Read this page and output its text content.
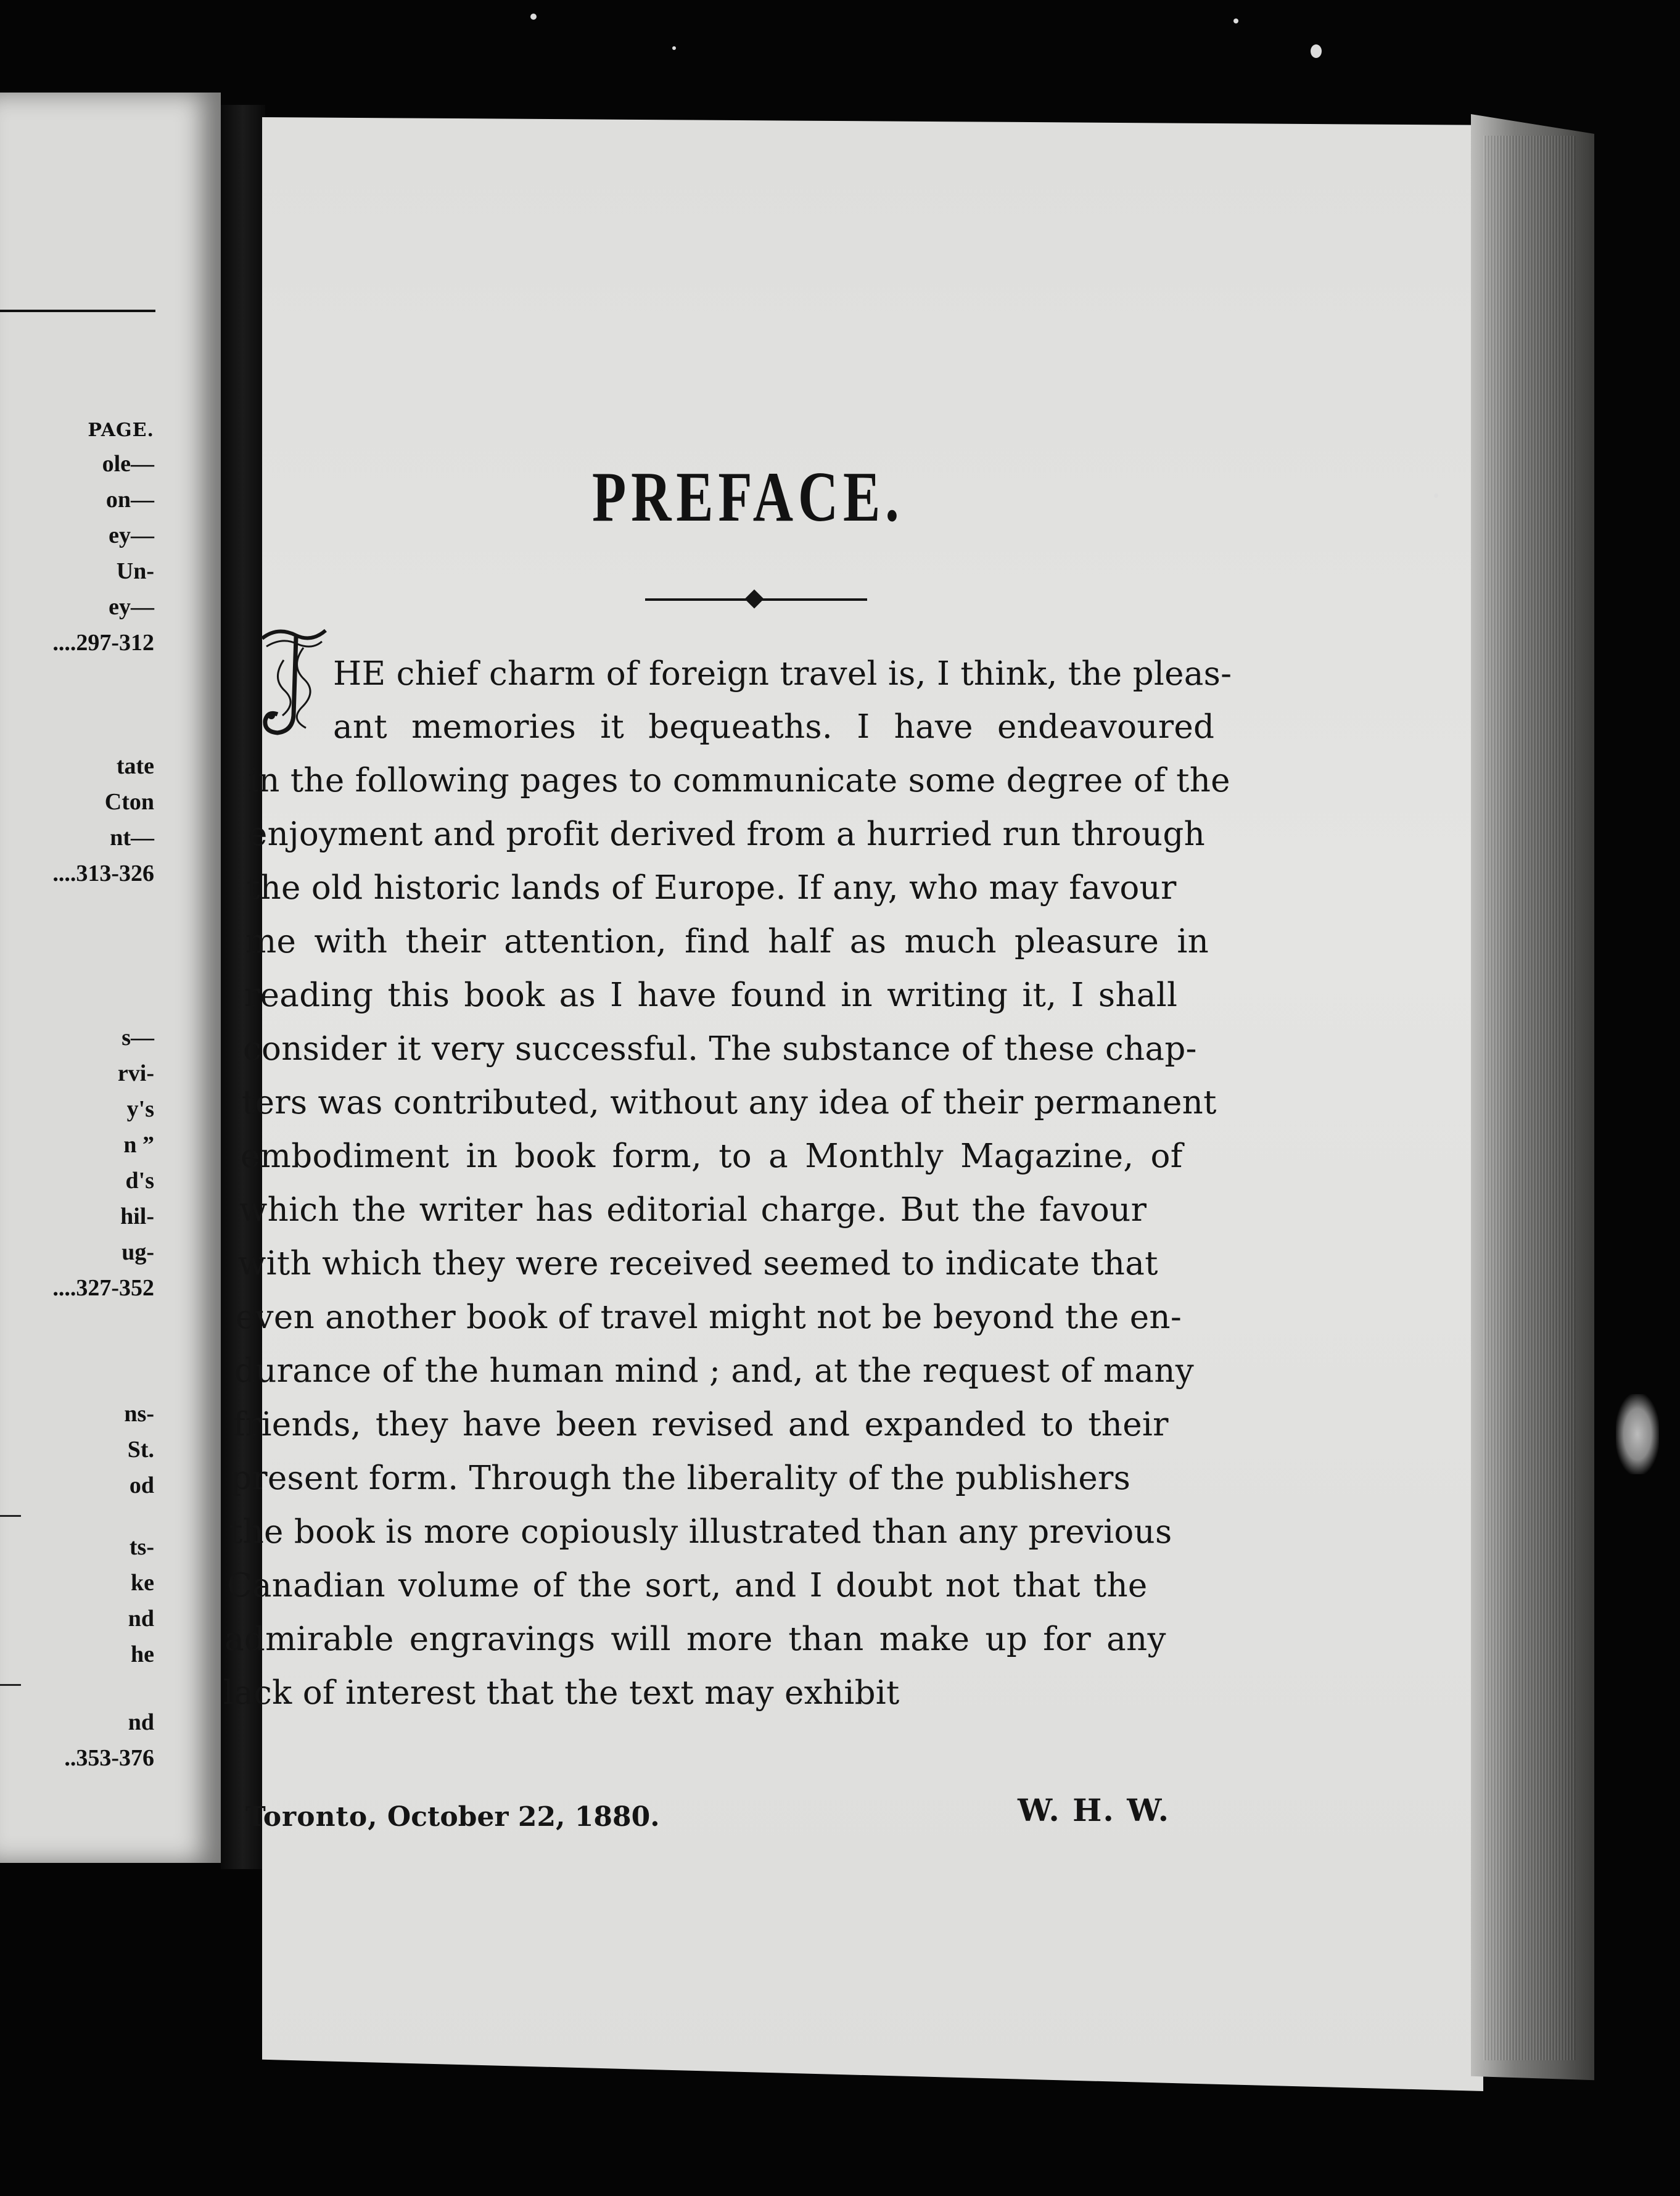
PAGE.
ole—
on—
ey—
Un-
ey—
....297-312
tate
Cton
nt—
....313-326
s—
rvi-
y's
n ”
d's
hil-
ug-
....327-352
ns-
St.
od
ts-
ke
nd
he
nd
..353-376
PREFACE.
HE chief charm of foreign travel is, I think, the pleas-
ant memories it bequeaths. I have endeavoured
in the following pages to communicate some degree of the
enjoyment and profit derived from a hurried run through
the old historic lands of Europe. If any, who may favour
me with their attention, find half as much pleasure in
reading this book as I have found in writing it, I shall
consider it very successful. The substance of these chap-
ters was contributed, without any idea of their permanent
embodiment in book form, to a Monthly Magazine, of
which the writer has editorial charge. But the favour
with which they were received seemed to indicate that
even another book of travel might not be beyond the en-
durance of the human mind ; and, at the request of many
friends, they have been revised and expanded to their
present form. Through the liberality of the publishers
the book is more copiously illustrated than any previous
Canadian volume of the sort, and I doubt not that the
admirable engravings will more than make up for any
lack of interest that the text may exhibit
Toronto, October 22, 1880.	W. H. W.
